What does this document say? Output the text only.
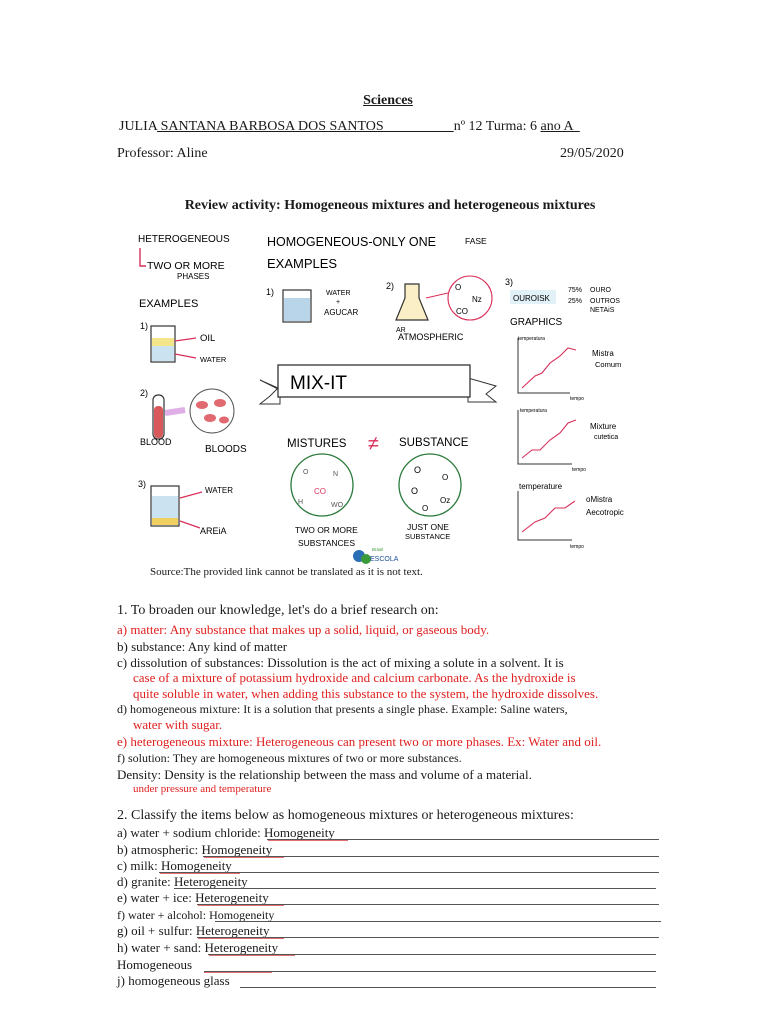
Sciences
JULIA SANTANA BARBOSA DOS SANTOS                    nº 12 Turma: 6 ano A
Professor: Aline	29/05/2020
Review activity: Homogeneous mixtures and heterogeneous mixtures
HETEROGENEOUS
TWO OR MORE
PHASES
EXAMPLES
1)
OIL
WATER
2)
BLOOD
BLOODS
3)
WATER
AREiA
HOMOGENEOUS-ONLY ONE	FASE
EXAMPLES
1)	WATER
+
AGUCAR
2)	O
Nz
CO
AR
ATMOSPHERIC
3)
OUROISK
75% OURO
25% OUTROS
NETAiS
GRAPHICS
temperatura
tempo
Mistra
Comum
temperatura
tempo
Mixture
cutetica
temperature
tempo
oMistra
Aecotropic
MIX-IT
MISTURES ≠ SUBSTANCE
O	N
CO
H	WO
TWO OR MORE
SUBSTANCES
O
O
O
Oz
O
JUST ONE
SUBSTANCE
Brasil
ESCOLA
Source:The provided link cannot be translated as it is not text.
1. To broaden our knowledge, let's do a brief research on:
a) matter: Any substance that makes up a solid, liquid, or gaseous body.
b) substance: Any kind of matter
c) dissolution of substances: Dissolution is the act of mixing a solute in a solvent. It is
case of a mixture of potassium hydroxide and calcium carbonate. As the hydroxide is
quite soluble in water, when adding this substance to the system, the hydroxide dissolves.
d) homogeneous mixture: It is a solution that presents a single phase. Example: Saline waters,
water with sugar.
e) heterogeneous mixture: Heterogeneous can present two or more phases. Ex: Water and oil.
f) solution: They are homogeneous mixtures of two or more substances.
Density: Density is the relationship between the mass and volume of a material.
under pressure and temperature
2. Classify the items below as homogeneous mixtures or heterogeneous mixtures:
a) water + sodium chloride: Homogeneity
b) atmospheric: Homogeneity
c) milk: Homogeneity
d) granite: Heterogeneity
e) water + ice: Heterogeneity
f) water + alcohol: Homogeneity
g) oil + sulfur: Heterogeneity
h) water + sand: Heterogeneity
Homogeneous
j) homogeneous glass
